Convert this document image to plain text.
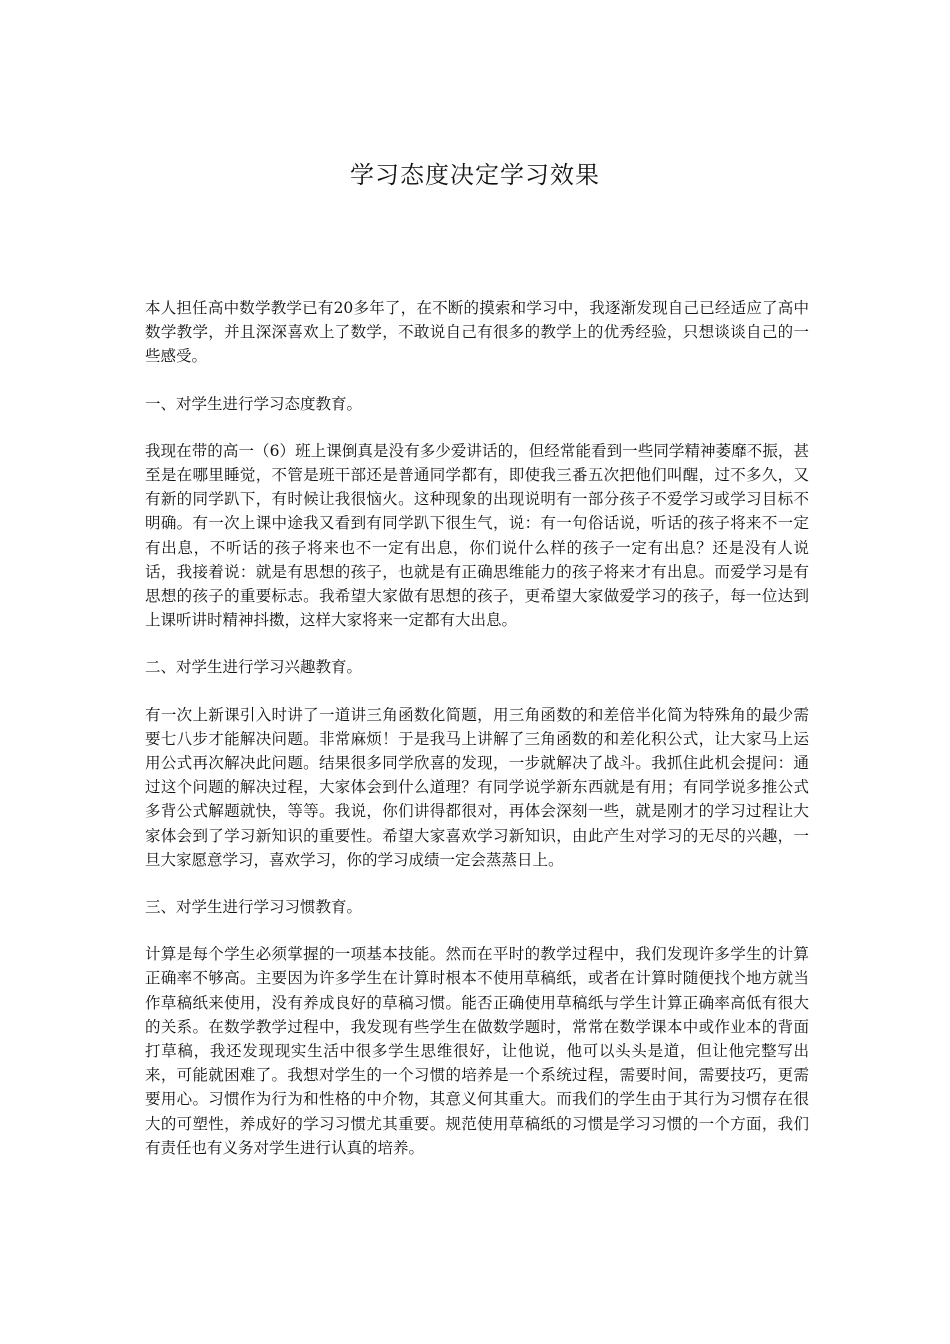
学习态度决定学习效果

本人担任高中数学教学已有20多年了，在不断的摸索和学习中，我逐渐发现自己已经适应了高中数学教学，并且深深喜欢上了数学，不敢说自己有很多的教学上的优秀经验，只想谈谈自己的一些感受。

一、对学生进行学习态度教育。

我现在带的高一（6）班上课倒真是没有多少爱讲话的，但经常能看到一些同学精神萎靡不振，甚至是在哪里睡觉，不管是班干部还是普通同学都有，即使我三番五次把他们叫醒，过不多久，又有新的同学趴下，有时候让我很恼火。这种现象的出现说明有一部分孩子不爱学习或学习目标不明确。有一次上课中途我又看到有同学趴下很生气，说：有一句俗话说，听话的孩子将来不一定有出息，不听话的孩子将来也不一定有出息，你们说什么样的孩子一定有出息？还是没有人说话，我接着说：就是有思想的孩子，也就是有正确思维能力的孩子将来才有出息。而爱学习是有思想的孩子的重要标志。我希望大家做有思想的孩子，更希望大家做爱学习的孩子，每一位达到上课听讲时精神抖擞，这样大家将来一定都有大出息。

二、对学生进行学习兴趣教育。

有一次上新课引入时讲了一道讲三角函数化简题，用三角函数的和差倍半化简为特殊角的最少需要七八步才能解决问题。非常麻烦！于是我马上讲解了三角函数的和差化积公式，让大家马上运用公式再次解决此问题。结果很多同学欣喜的发现，一步就解决了战斗。我抓住此机会提问：通过这个问题的解决过程，大家体会到什么道理？有同学说学新东西就是有用；有同学说多推公式多背公式解题就快，等等。我说，你们讲得都很对，再体会深刻一些，就是刚才的学习过程让大家体会到了学习新知识的重要性。希望大家喜欢学习新知识，由此产生对学习的无尽的兴趣，一旦大家愿意学习，喜欢学习，你的学习成绩一定会蒸蒸日上。

三、对学生进行学习习惯教育。

计算是每个学生必须掌握的一项基本技能。然而在平时的教学过程中，我们发现许多学生的计算正确率不够高。主要因为许多学生在计算时根本不使用草稿纸，或者在计算时随便找个地方就当作草稿纸来使用，没有养成良好的草稿习惯。能否正确使用草稿纸与学生计算正确率高低有很大的关系。在数学教学过程中，我发现有些学生在做数学题时，常常在数学课本中或作业本的背面打草稿，我还发现现实生活中很多学生思维很好，让他说，他可以头头是道，但让他完整写出来，可能就困难了。我想对学生的一个习惯的培养是一个系统过程，需要时间，需要技巧，更需要用心。习惯作为行为和性格的中介物，其意义何其重大。而我们的学生由于其行为习惯存在很大的可塑性，养成好的学习习惯尤其重要。规范使用草稿纸的习惯是学习习惯的一个方面，我们有责任也有义务对学生进行认真的培养。
